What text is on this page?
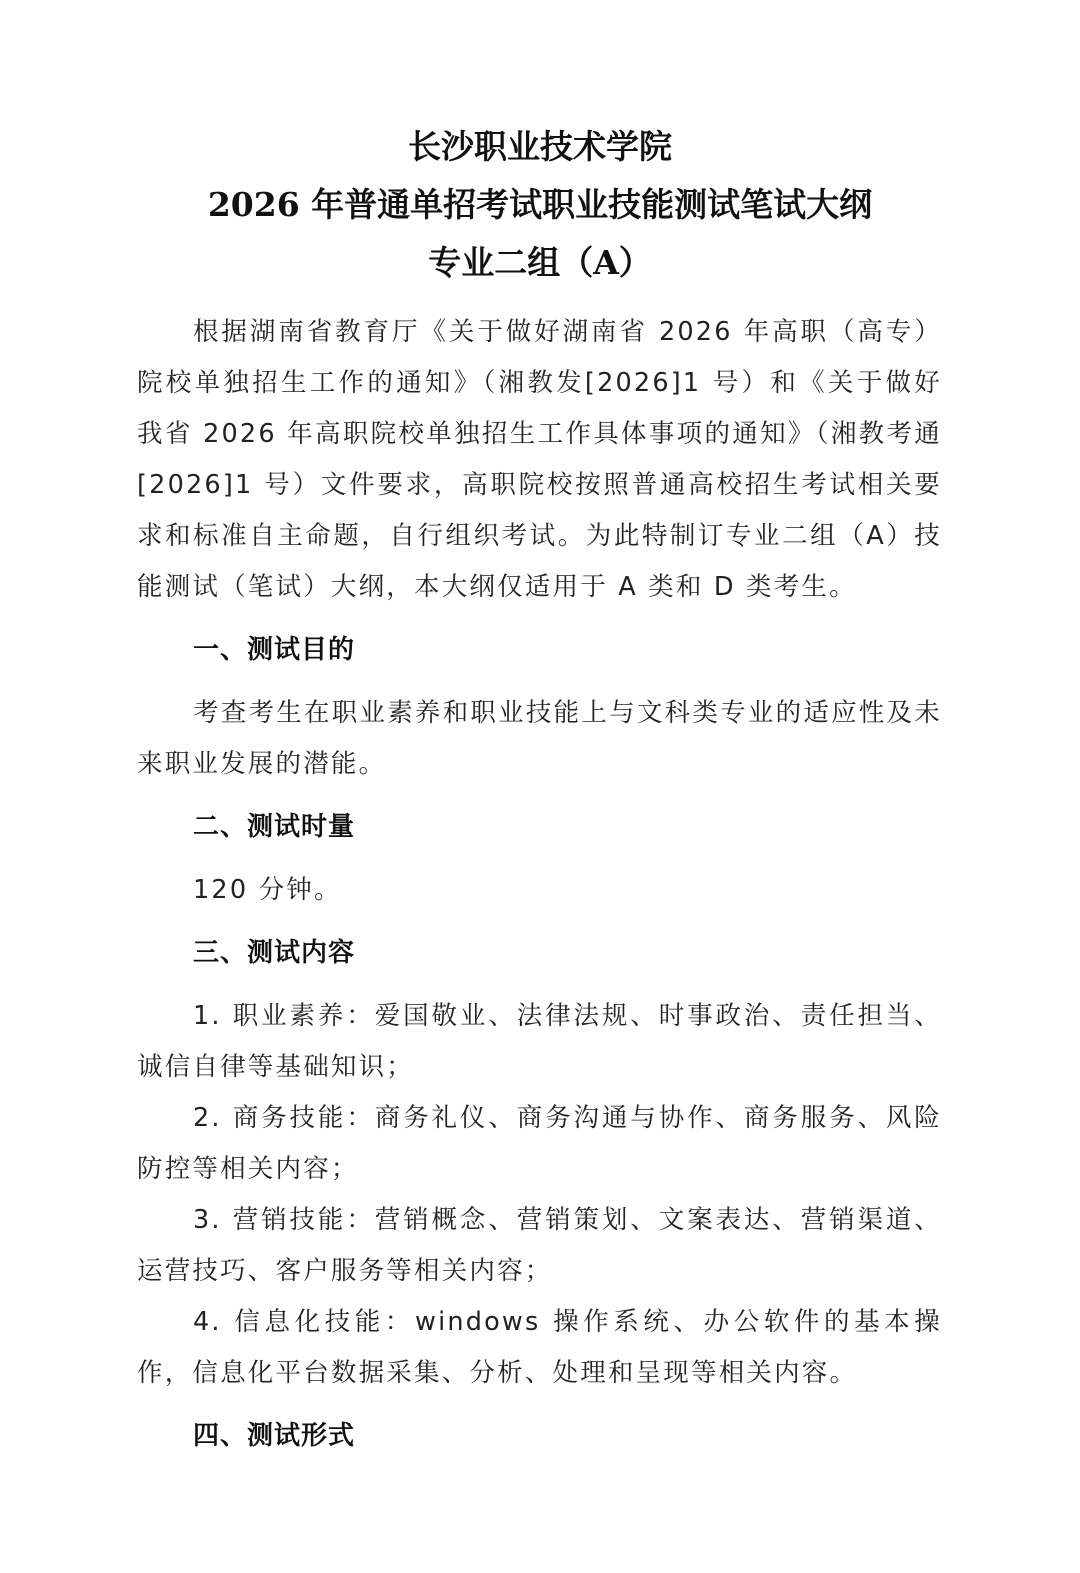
长沙职业技术学院
2026 年普通单招考试职业技能测试笔试大纲
专业二组（A）

根据湖南省教育厅《关于做好湖南省 2026 年高职（高专）院校单独招生工作的通知》（湘教发[2026]1 号）和《关于做好我省 2026 年高职院校单独招生工作具体事项的通知》（湘教考通[2026]1 号）文件要求，高职院校按照普通高校招生考试相关要求和标准自主命题，自行组织考试。为此特制订专业二组（A）技能测试（笔试）大纲，本大纲仅适用于 A 类和 D 类考生。

一、测试目的

考查考生在职业素养和职业技能上与文科类专业的适应性及未来职业发展的潜能。

二、测试时量

120 分钟。

三、测试内容

1. 职业素养：爱国敬业、法律法规、时事政治、责任担当、诚信自律等基础知识；

2. 商务技能：商务礼仪、商务沟通与协作、商务服务、风险防控等相关内容；

3. 营销技能：营销概念、营销策划、文案表达、营销渠道、运营技巧、客户服务等相关内容；

4. 信息化技能：windows 操作系统、办公软件的基本操作，信息化平台数据采集、分析、处理和呈现等相关内容。

四、测试形式
